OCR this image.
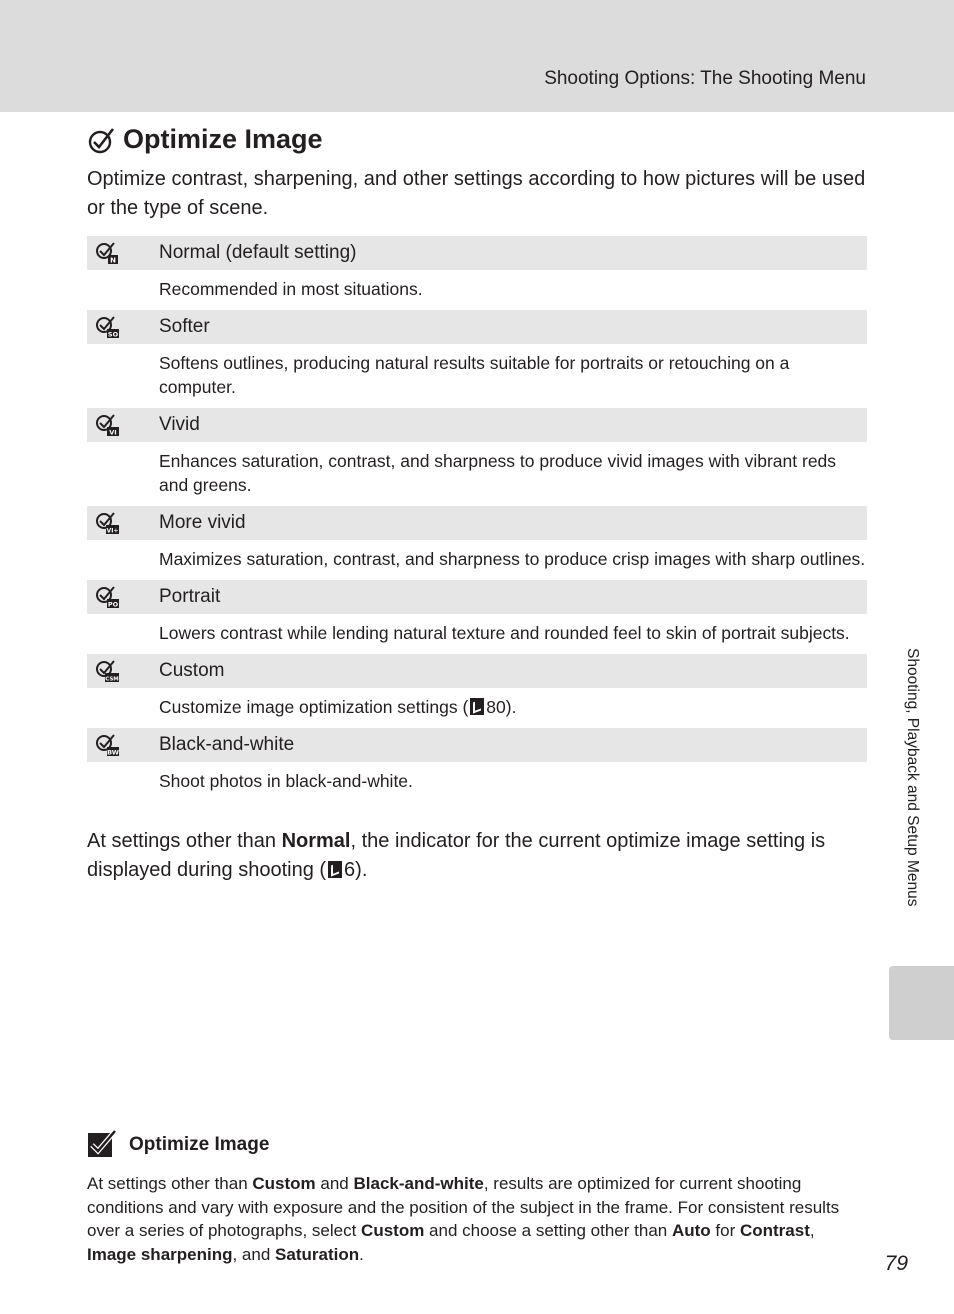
Shooting Options: The Shooting Menu
Optimize Image
Optimize contrast, sharpening, and other settings according to how pictures will be used or the type of scene.
N Normal (default setting)
Recommended in most situations.
SO Softer
Softens outlines, producing natural results suitable for portraits or retouching on a computer.
VI Vivid
Enhances saturation, contrast, and sharpness to produce vivid images with vibrant reds and greens.
VI+ More vivid
Maximizes saturation, contrast, and sharpness to produce crisp images with sharp outlines.
PO Portrait
Lowers contrast while lending natural texture and rounded feel to skin of portrait subjects.
CSM Custom
Customize image optimization settings ( 80).
BW Black-and-white
Shoot photos in black-and-white.
At settings other than Normal, the indicator for the current optimize image setting is displayed during shooting ( 6).	Shooting, Playback and Setup Menus
Optimize Image
At settings other than Custom and Black-and-white, results are optimized for current shooting conditions and vary with exposure and the position of the subject in the frame. For consistent results over a series of photographs, select Custom and choose a setting other than Auto for Contrast, Image sharpening, and Saturation.	79
